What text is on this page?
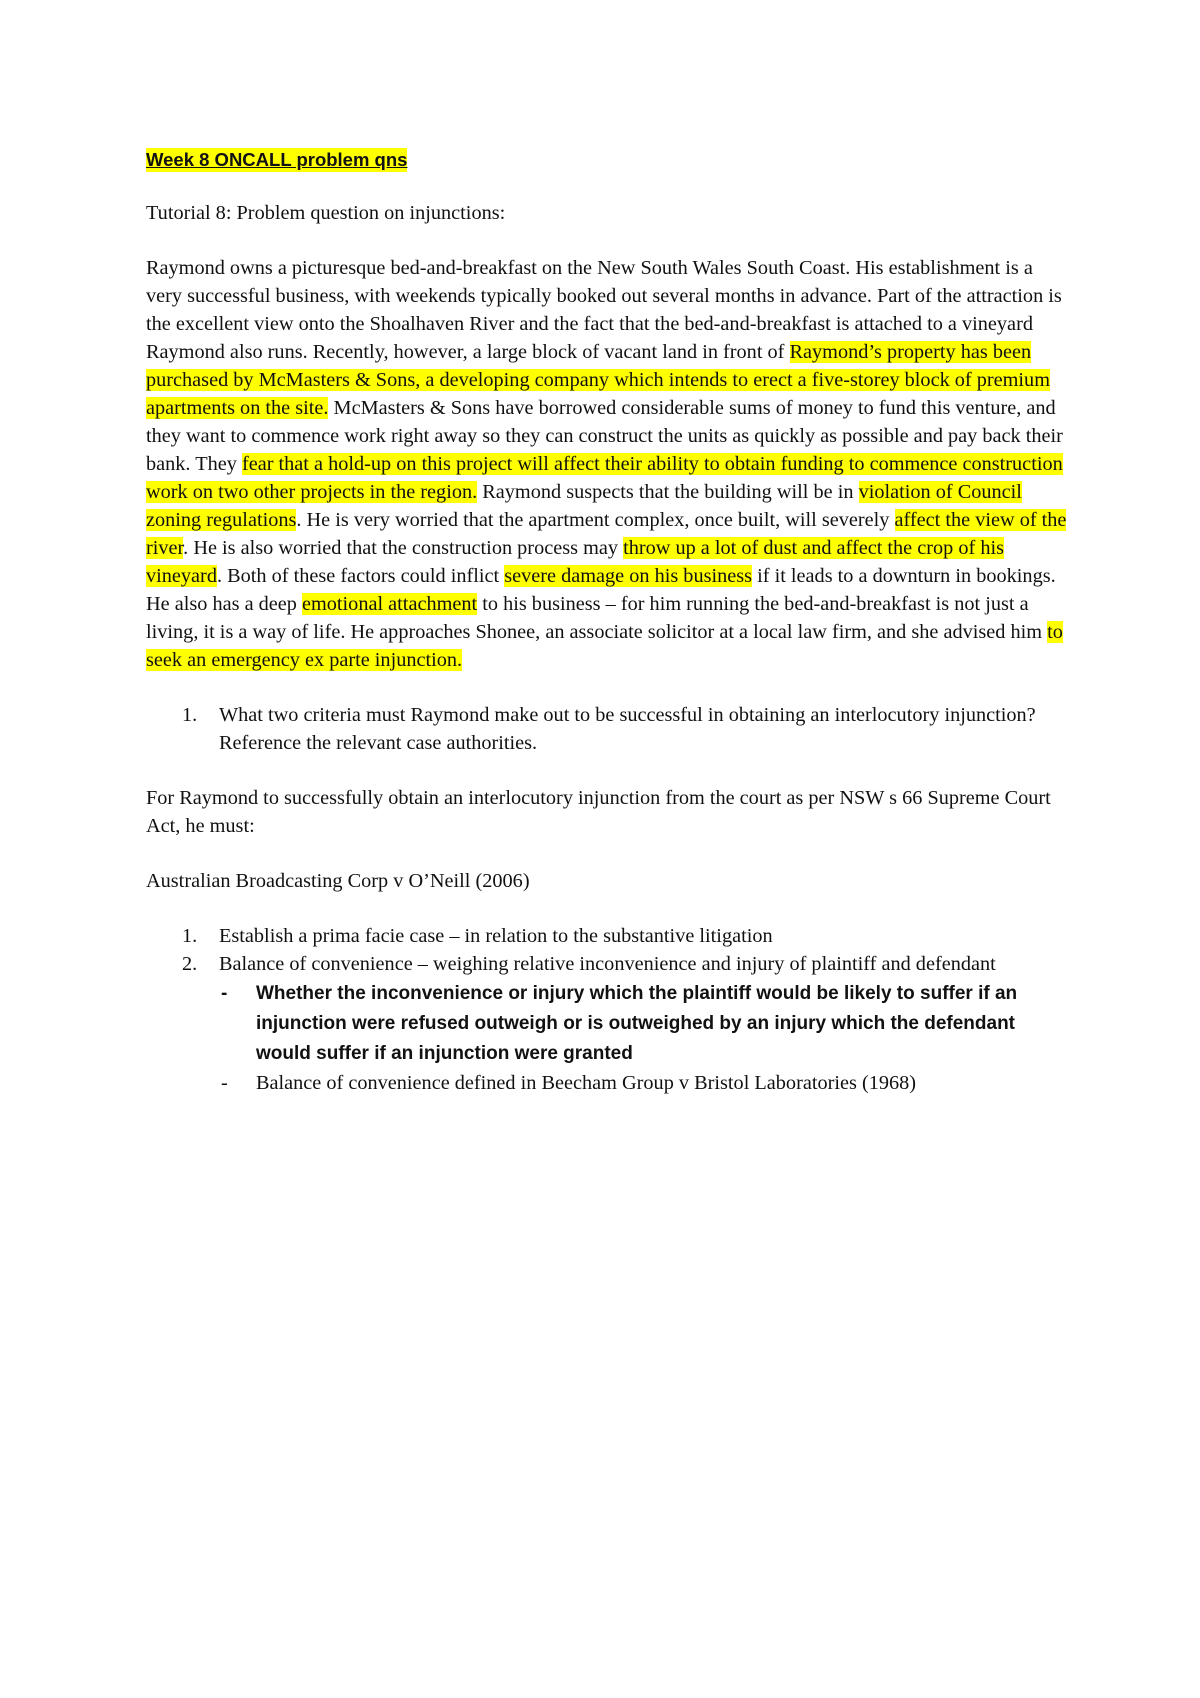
Week 8 ONCALL problem qns

Tutorial 8: Problem question on injunctions:

Raymond owns a picturesque bed-and-breakfast on the New South Wales South Coast. His establishment is a very successful business, with weekends typically booked out several months in advance. Part of the attraction is the excellent view onto the Shoalhaven River and the fact that the bed-and-breakfast is attached to a vineyard Raymond also runs. Recently, however, a large block of vacant land in front of Raymond’s property has been purchased by McMasters & Sons, a developing company which intends to erect a five-storey block of premium apartments on the site. McMasters & Sons have borrowed considerable sums of money to fund this venture, and they want to commence work right away so they can construct the units as quickly as possible and pay back their bank. They fear that a hold-up on this project will affect their ability to obtain funding to commence construction work on two other projects in the region. Raymond suspects that the building will be in violation of Council zoning regulations. He is very worried that the apartment complex, once built, will severely affect the view of the river. He is also worried that the construction process may throw up a lot of dust and affect the crop of his vineyard. Both of these factors could inflict severe damage on his business if it leads to a downturn in bookings. He also has a deep emotional attachment to his business – for him running the bed-and-breakfast is not just a living, it is a way of life. He approaches Shonee, an associate solicitor at a local law firm, and she advised him to seek an emergency ex parte injunction.

1. What two criteria must Raymond make out to be successful in obtaining an interlocutory injunction? Reference the relevant case authorities.

For Raymond to successfully obtain an interlocutory injunction from the court as per NSW s 66 Supreme Court Act, he must:

Australian Broadcasting Corp v O’Neill (2006)

1. Establish a prima facie case – in relation to the substantive litigation
2. Balance of convenience – weighing relative inconvenience and injury of plaintiff and defendant
- Whether the inconvenience or injury which the plaintiff would be likely to suffer if an injunction were refused outweigh or is outweighed by an injury which the defendant would suffer if an injunction were granted
- Balance of convenience defined in Beecham Group v Bristol Laboratories (1968)
